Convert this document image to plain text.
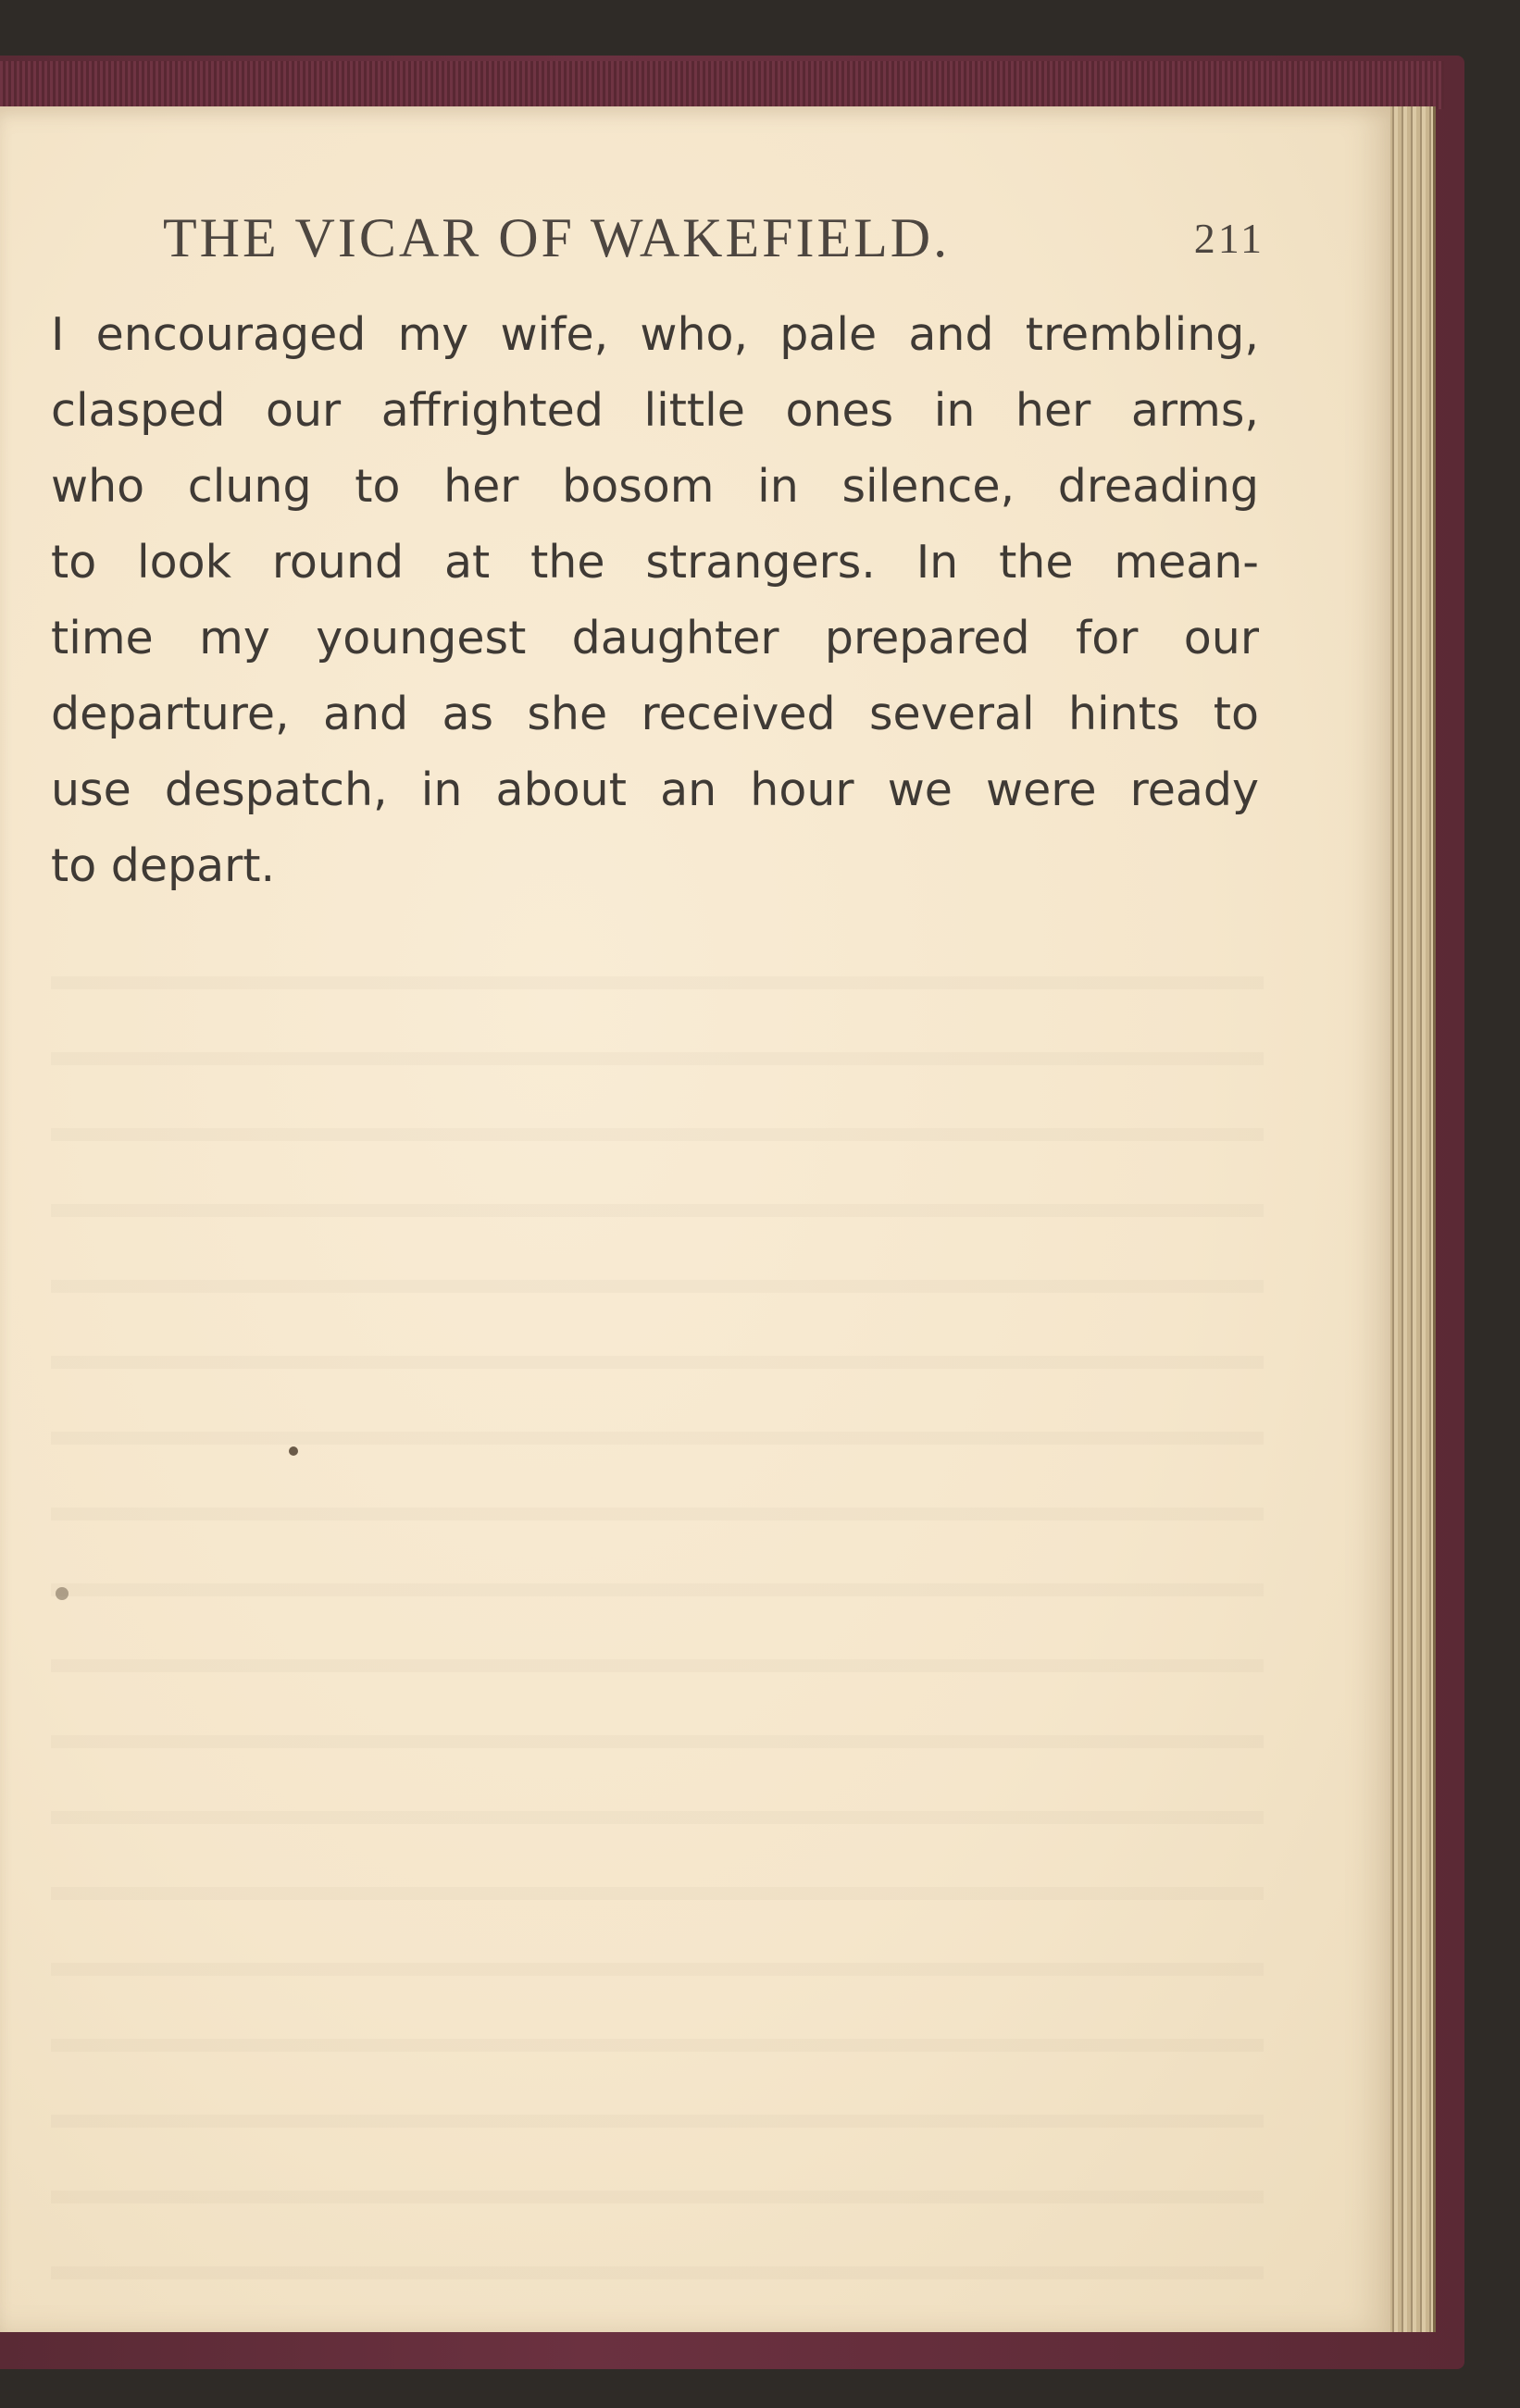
THE VICAR OF WAKEFIELD.	211

I encouraged my wife, who, pale and trembling,
clasped our affrighted little ones in her arms,
who clung to her bosom in silence, dreading
to look round at the strangers. In the mean-
time my youngest daughter prepared for our
departure, and as she received several hints to
use despatch, in about an hour we were ready
to depart.
